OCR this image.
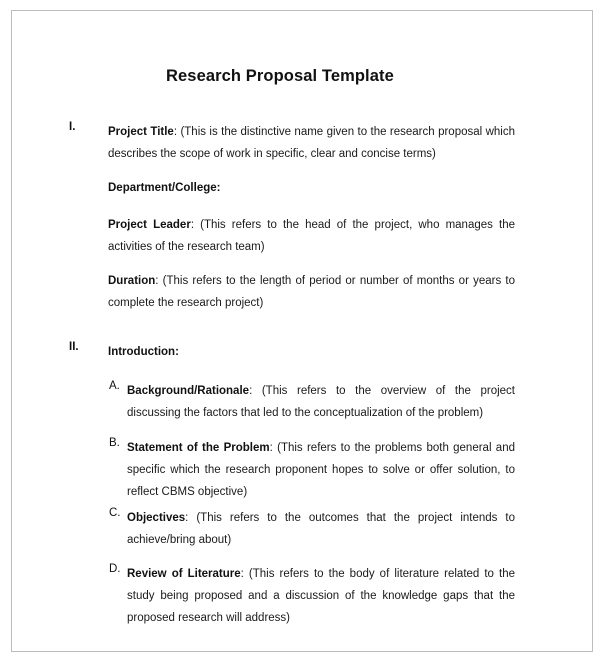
Research Proposal Template
I.	Project Title: (This is the distinctive name given to the research proposal which describes the scope of work in specific, clear and concise terms)
Department/College:
Project Leader: (This refers to the head of the project, who manages the activities of the research team)
Duration: (This refers to the length of period or number of months or years to complete the research project)
II.	Introduction:
A. Background/Rationale: (This refers to the overview of the project discussing the factors that led to the conceptualization of the problem)
B. Statement of the Problem: (This refers to the problems both general and specific which the research proponent hopes to solve or offer solution, to reflect CBMS objective)
C. Objectives: (This refers to the outcomes that the project intends to achieve/bring about)
D. Review of Literature: (This refers to the body of literature related to the study being proposed and a discussion of the knowledge gaps that the proposed research will address)
